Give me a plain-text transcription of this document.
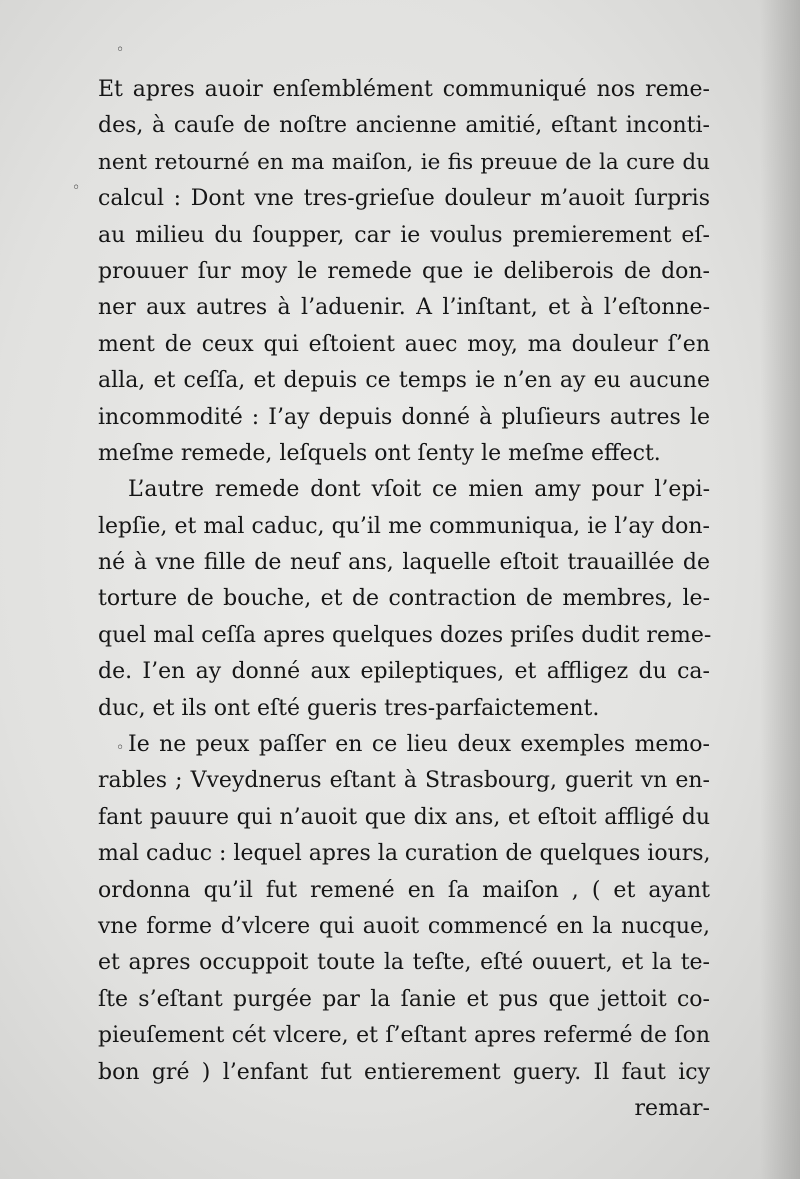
◦
◦
◦

Et apres auoir enſemblément communiqué nos reme-

des, à cauſe de noſtre ancienne amitié, eſtant inconti-

nent retourné en ma maiſon, ie fis preuue de la cure du

calcul : Dont vne tres-grieſue douleur m’auoit ſurpris

au milieu du ſoupper, car ie voulus premierement eſ-

prouuer ſur moy le remede que ie deliberois de don-

ner aux autres à l’aduenir. A l’inſtant, et à l’eſtonne-

ment de ceux qui eſtoient auec moy, ma douleur ſ’en

alla, et ceſſa, et depuis ce temps ie n’en ay eu aucune

incommodité : I’ay depuis donné à pluſieurs autres le

meſme remede, leſquels ont ſenty le meſme effect.

L’autre remede dont vſoit ce mien amy pour l’epi-

lepſie, et mal caduc, qu’il me communiqua, ie l’ay don-

né à vne fille de neuf ans, laquelle eſtoit trauaillée de

torture de bouche, et de contraction de membres, le-

quel mal ceſſa apres quelques dozes priſes dudit reme-

de. I’en ay donné aux epileptiques, et affligez du ca-

duc, et ils ont eſté gueris tres-parfaictement.

Ie ne peux paſſer en ce lieu deux exemples memo-

rables ; Vveydnerus eſtant à Strasbourg, guerit vn en-

fant pauure qui n’auoit que dix ans, et eſtoit affligé du

mal caduc : lequel apres la curation de quelques iours,

ordonna qu’il fut remené en ſa maiſon , ( et ayant

vne forme d’vlcere qui auoit commencé en la nucque,

et apres occuppoit toute la teſte, eſté ouuert, et la te-

ſte s’eſtant purgée par la ſanie et pus que jettoit co-

pieuſement cét vlcere, et ſ’eſtant apres refermé de ſon

bon gré ) l’enfant fut entierement guery. Il faut icy

remar-
